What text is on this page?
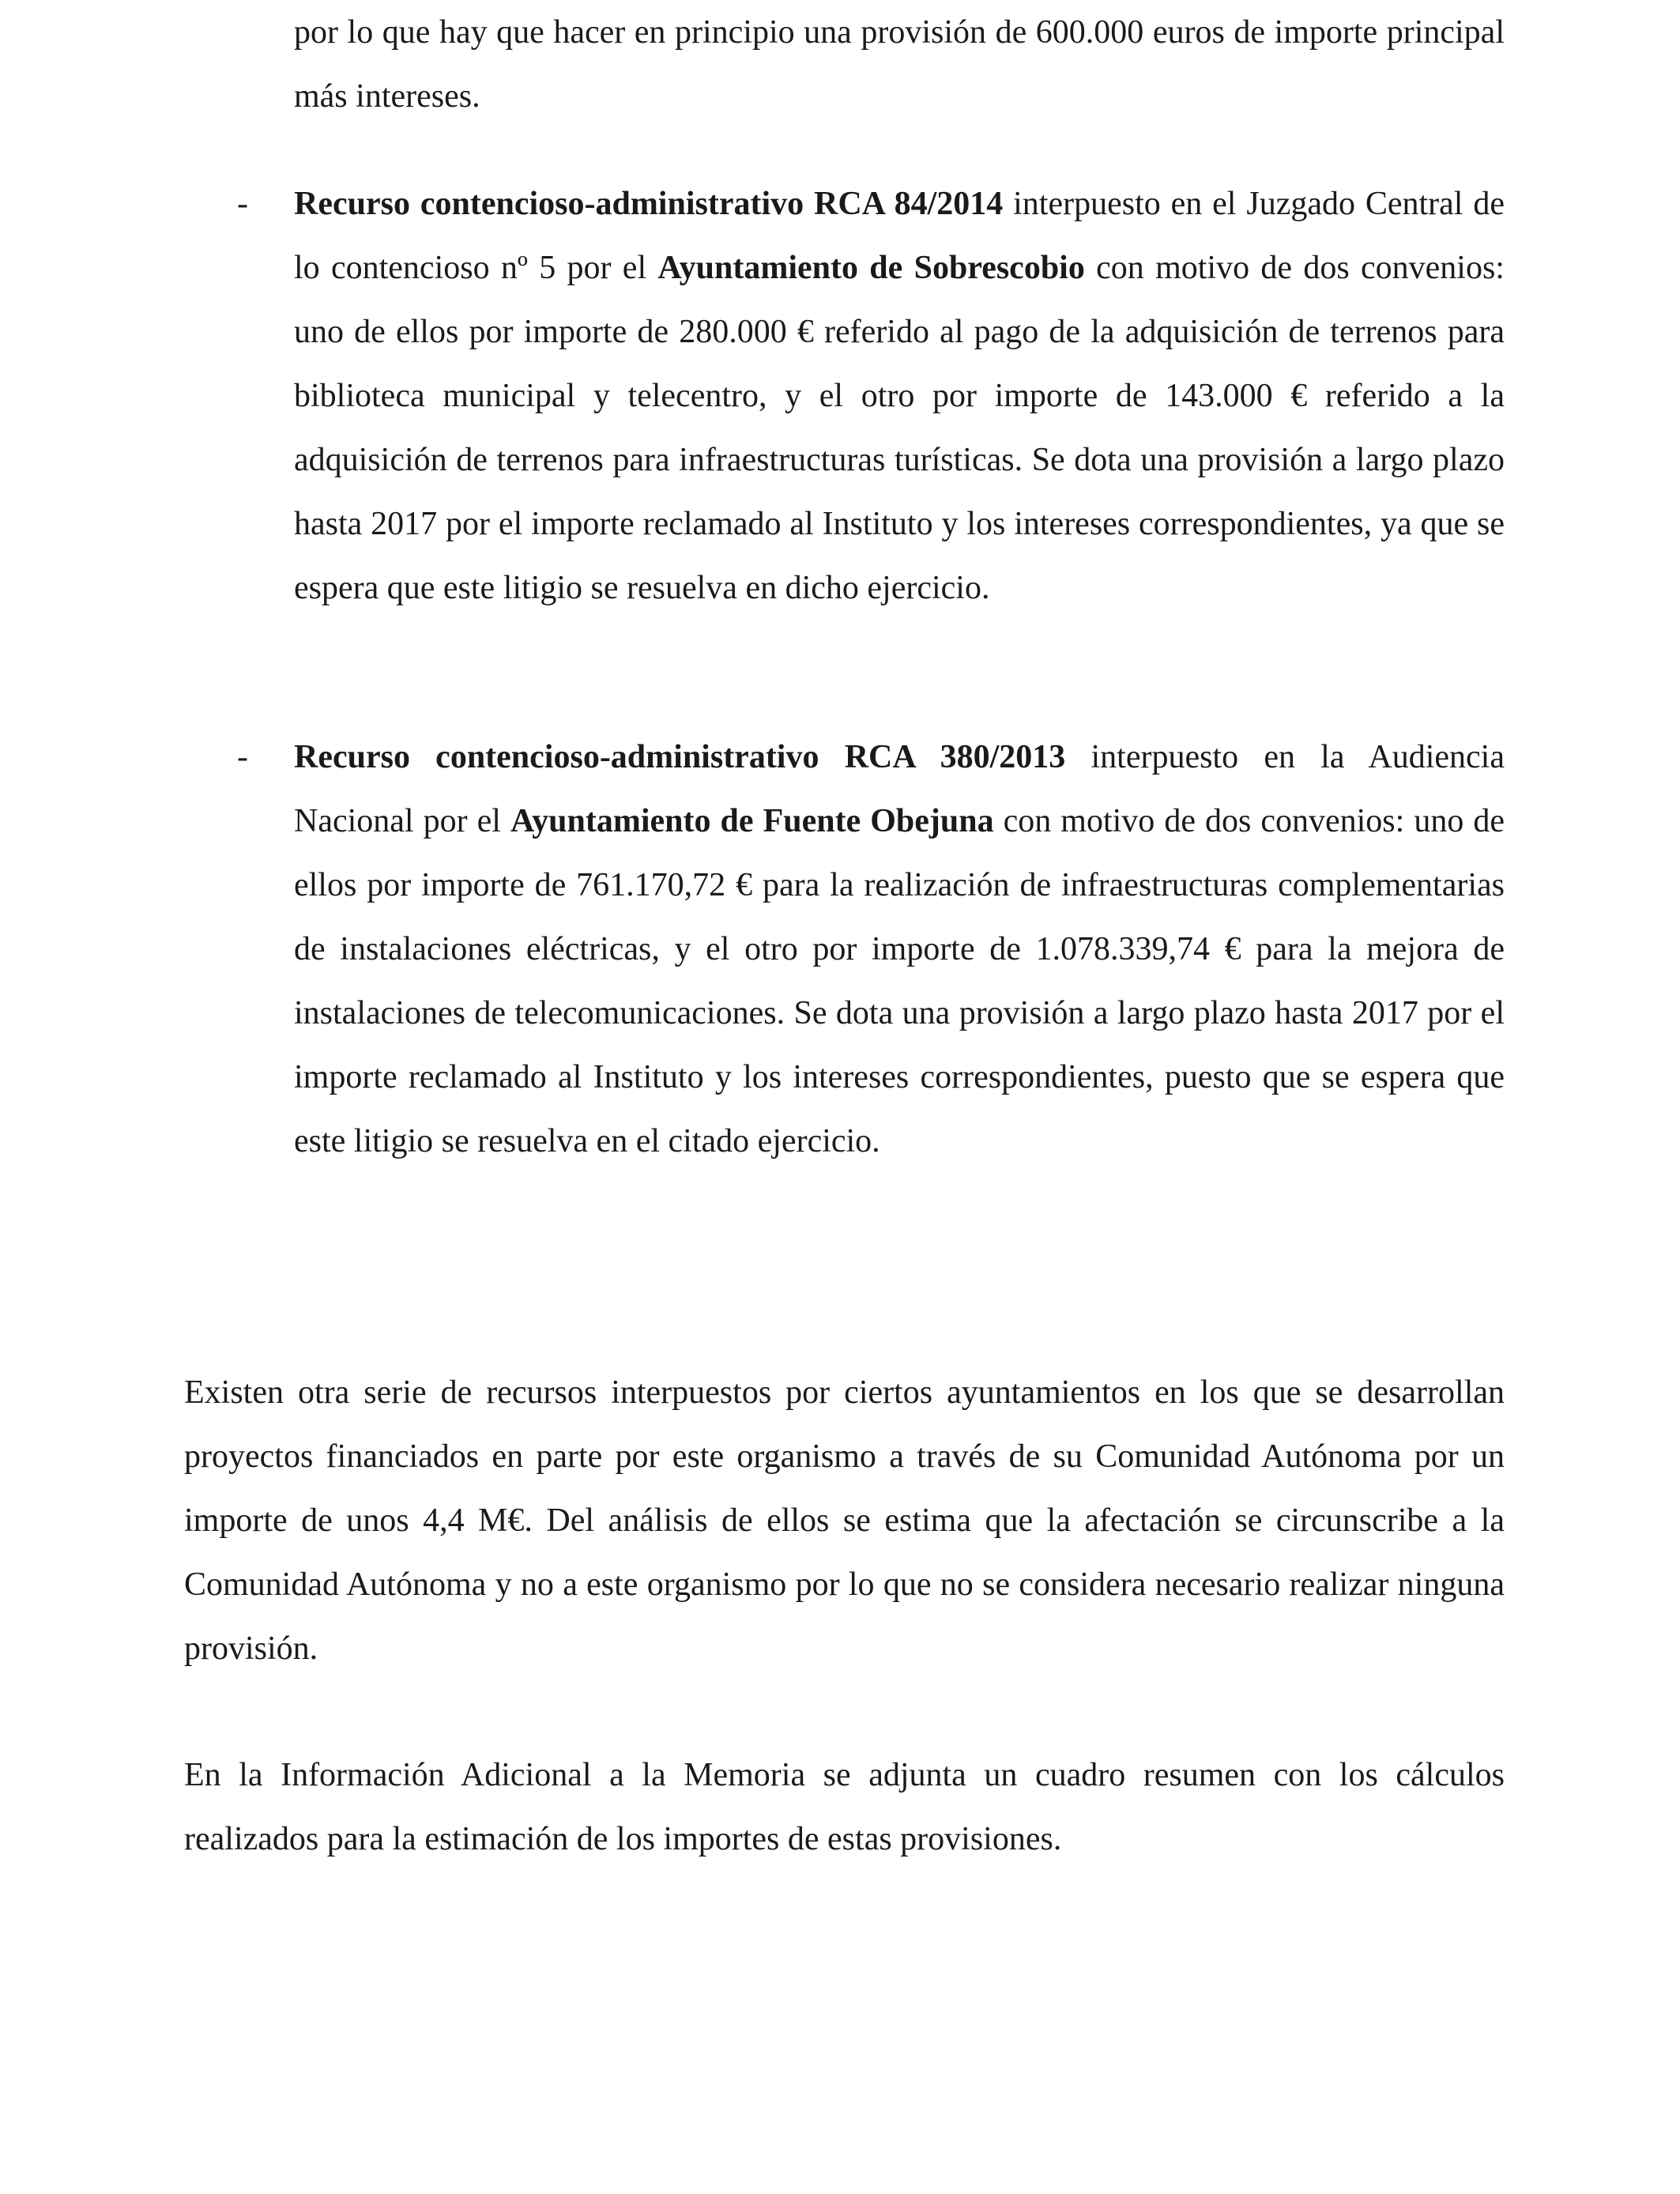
por lo que hay que hacer en principio una provisión de 600.000 euros de importe principal más intereses.

-	Recurso contencioso-administrativo RCA 84/2014 interpuesto en el Juzgado Central de lo contencioso nº 5 por el Ayuntamiento de Sobrescobio con motivo de dos convenios: uno de ellos por importe de 280.000 € referido al pago de la adquisición de terrenos para biblioteca municipal y telecentro, y el otro por importe de 143.000 € referido a la adquisición de terrenos para infraestructuras turísticas. Se dota una provisión a largo plazo hasta 2017 por el importe reclamado al Instituto y los intereses correspondientes, ya que se espera que este litigio se resuelva en dicho ejercicio.

-	Recurso contencioso-administrativo RCA 380/2013 interpuesto en la Audiencia Nacional por el Ayuntamiento de Fuente Obejuna con motivo de dos convenios: uno de ellos por importe de 761.170,72 € para la realización de infraestructuras complementarias de instalaciones eléctricas, y el otro por importe de 1.078.339,74 € para la mejora de instalaciones de telecomunicaciones. Se dota una provisión a largo plazo hasta 2017 por el importe reclamado al Instituto y los intereses correspondientes, puesto que se espera que este litigio se resuelva en el citado ejercicio.

Existen otra serie de recursos interpuestos por ciertos ayuntamientos en los que se desarrollan proyectos financiados en parte por este organismo a través de su Comunidad Autónoma por un importe de unos 4,4 M€. Del análisis de ellos se estima que la afectación se circunscribe a la Comunidad Autónoma y no a este organismo por lo que no se considera necesario realizar ninguna provisión.

En la Información Adicional a la Memoria se adjunta un cuadro resumen con los cálculos realizados para la estimación de los importes de estas provisiones.
